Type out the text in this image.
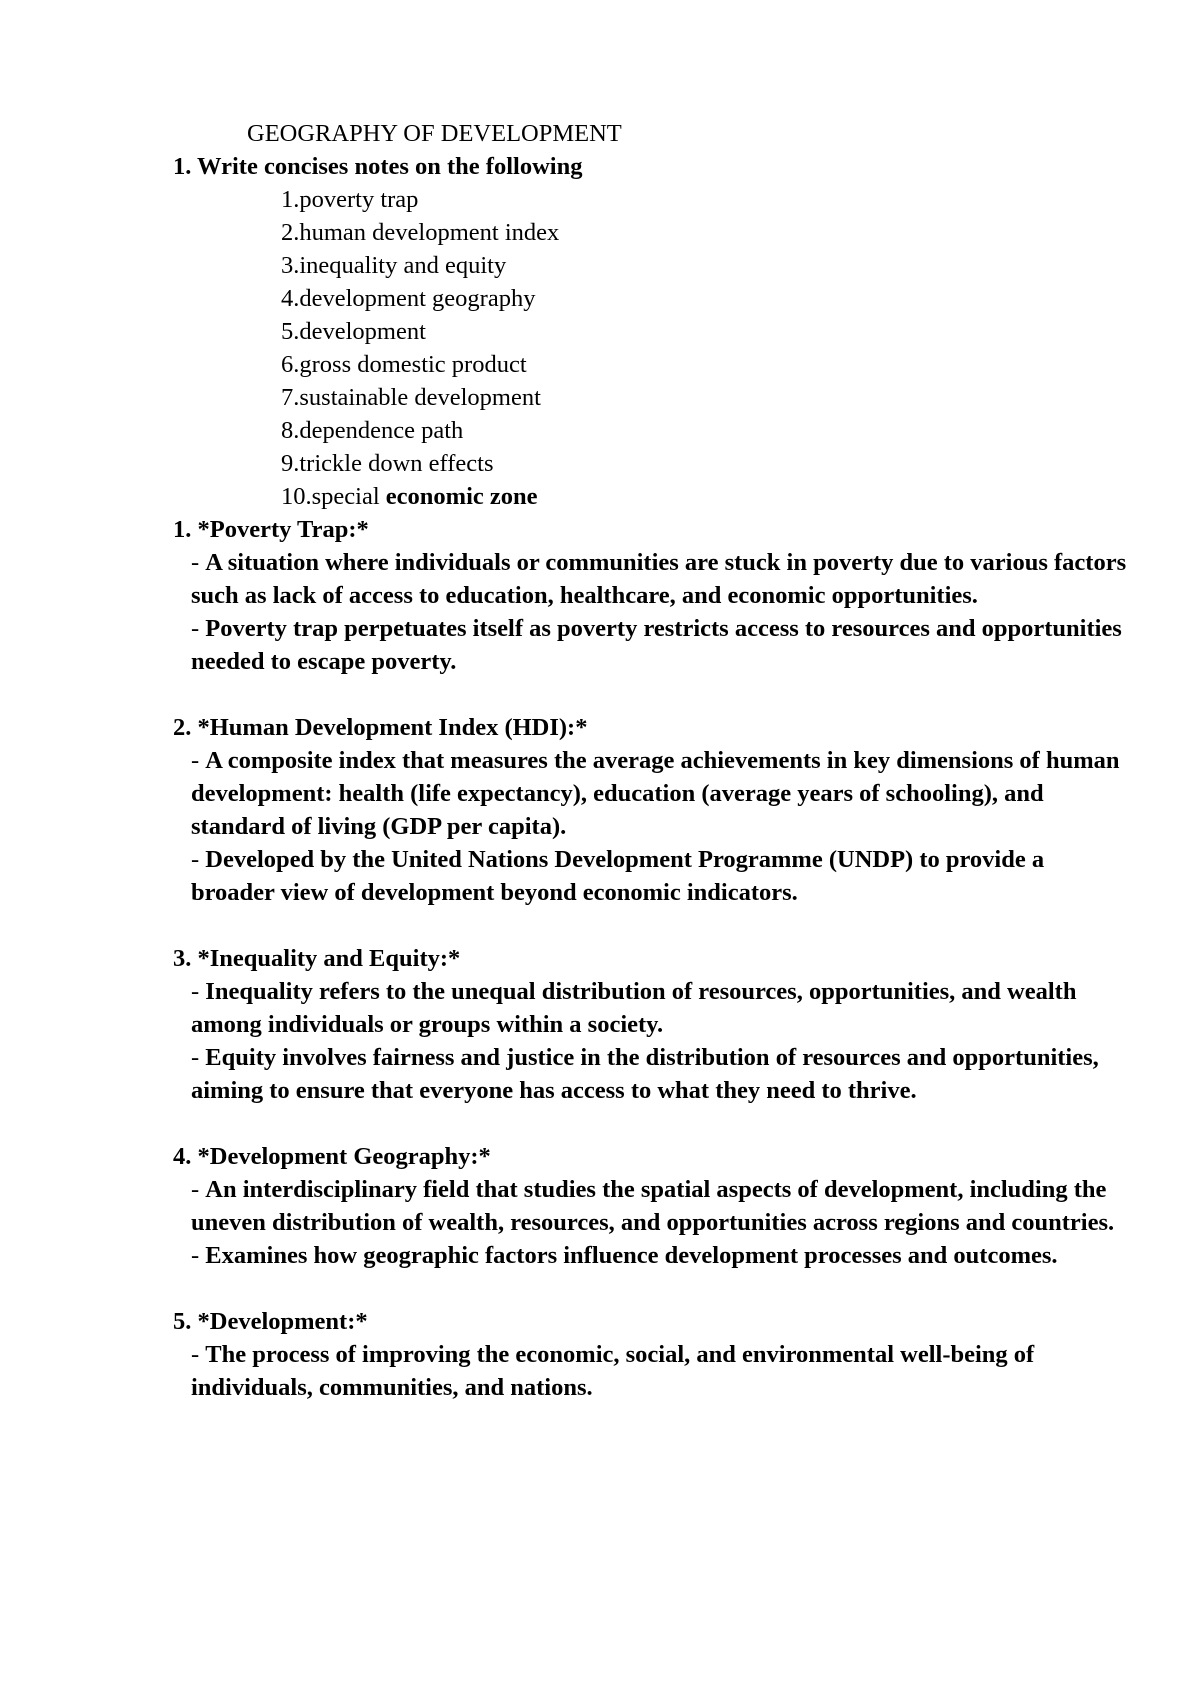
GEOGRAPHY OF DEVELOPMENT
1. Write concises notes on the following
1.poverty trap
2.human development index
3.inequality and equity
4.development geography
5.development
6.gross domestic product
7.sustainable development
8.dependence path
9.trickle down effects
10.special economic zone

1. *Poverty Trap:*

- A situation where individuals or communities are stuck in poverty due to various factors such as lack of access to education, healthcare, and economic opportunities.

- Poverty trap perpetuates itself as poverty restricts access to resources and opportunities needed to escape poverty.

2. *Human Development Index (HDI):*

- A composite index that measures the average achievements in key dimensions of human development: health (life expectancy), education (average years of schooling), and standard of living (GDP per capita).

- Developed by the United Nations Development Programme (UNDP) to provide a broader view of development beyond economic indicators.

3. *Inequality and Equity:*

- Inequality refers to the unequal distribution of resources, opportunities, and wealth among individuals or groups within a society.

- Equity involves fairness and justice in the distribution of resources and opportunities, aiming to ensure that everyone has access to what they need to thrive.

4. *Development Geography:*

- An interdisciplinary field that studies the spatial aspects of development, including the uneven distribution of wealth, resources, and opportunities across regions and countries.

- Examines how geographic factors influence development processes and outcomes.

5. *Development:*

- The process of improving the economic, social, and environmental well-being of individuals, communities, and nations.
